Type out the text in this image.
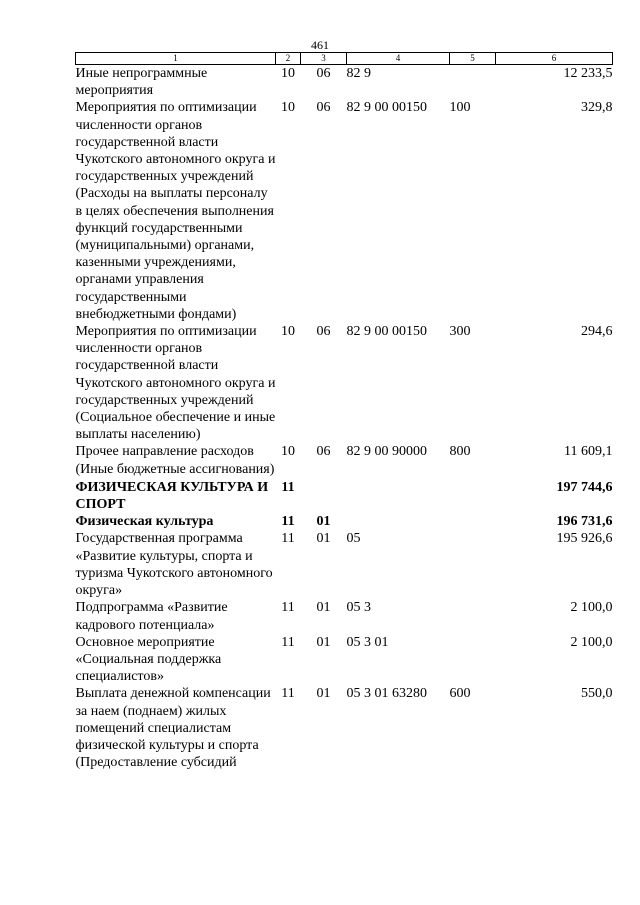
461
1	2	3	4	5	6
Иные непрограммные мероприятия	10	06	82 9		12 233,5
Мероприятия по оптимизации численности органов государственной власти Чукотского автономного округа и государственных учреждений (Расходы на выплаты персоналу в целях обеспечения выполнения функций государственными (муниципальными) органами, казенными учреждениями, органами управления государственными внебюджетными фондами)	10	06	82 9 00 00150	100	329,8
Мероприятия по оптимизации численности органов государственной власти Чукотского автономного округа и государственных учреждений (Социальное обеспечение и иные выплаты населению)	10	06	82 9 00 00150	300	294,6
Прочее направление расходов (Иные бюджетные ассигнования)	10	06	82 9 00 90000	800	11 609,1
ФИЗИЧЕСКАЯ КУЛЬТУРА И СПОРТ	11				197 744,6
Физическая культура	11	01			196 731,6
Государственная программа «Развитие культуры, спорта и туризма Чукотского автономного округа»	11	01	05		195 926,6
Подпрограмма «Развитие кадрового потенциала»	11	01	05 3		2 100,0
Основное мероприятие «Социальная поддержка специалистов»	11	01	05 3 01		2 100,0
Выплата денежной компенсации за наем (поднаем) жилых помещений специалистам физической культуры и спорта (Предоставление субсидий	11	01	05 3 01 63280	600	550,0
